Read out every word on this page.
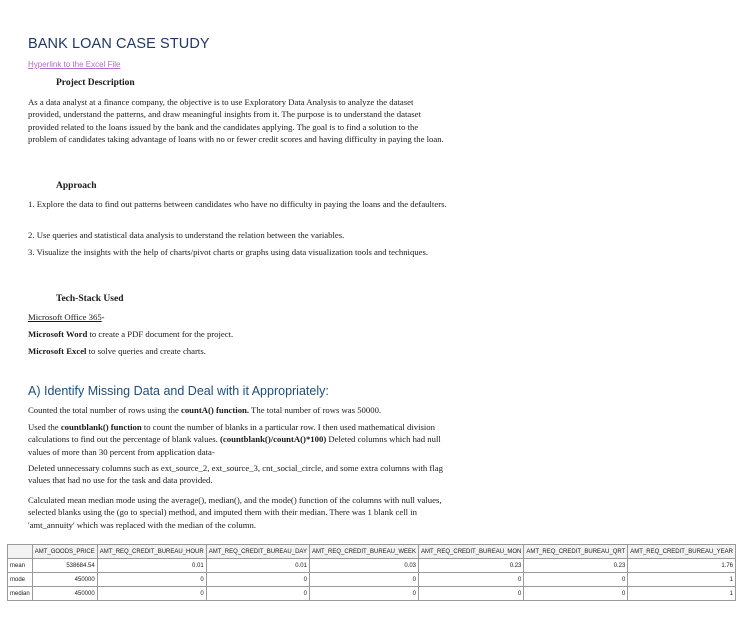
BANK LOAN CASE STUDY
Hyperlink to the Excel File
Project Description
As a data analyst at a finance company, the objective is to use Exploratory Data Analysis to analyze the dataset provided, understand the patterns, and draw meaningful insights from it. The purpose is to understand the dataset provided related to the loans issued by the bank and the candidates applying. The goal is to find a solution to the problem of candidates taking advantage of loans with no or fewer credit scores and having difficulty in paying the loan.
Approach
1. Explore the data to find out patterns between candidates who have no difficulty in paying the loans and the defaulters.
2. Use queries and statistical data analysis to understand the relation between the variables.
3. Visualize the insights with the help of charts/pivot charts or graphs using data visualization tools and techniques.
Tech-Stack Used
Microsoft Office 365-
Microsoft Word to create a PDF document for the project.
Microsoft Excel to solve queries and create charts.
A) Identify Missing Data and Deal with it Appropriately:
Counted the total number of rows using the countA() function. The total number of rows was 50000.
Used the countblank() function to count the number of blanks in a particular row. I then used mathematical division calculations to find out the percentage of blank values. (countblank()/countA()*100) Deleted columns which had null values of more than 30 percent from application data-
Deleted unnecessary columns such as ext_source_2, ext_source_3, cnt_social_circle, and some extra columns with flag values that had no use for the task and data provided.
Calculated mean median mode using the average(), median(), and the mode() function of the columns with null values, selected blanks using the (go to special) method, and imputed them with their median. There was 1 blank cell in 'amt_annuity' which was replaced with the median of the column.
	AMT_GOODS_PRICE	AMT_REQ_CREDIT_BUREAU_HOUR	AMT_REQ_CREDIT_BUREAU_DAY	AMT_REQ_CREDIT_BUREAU_WEEK	AMT_REQ_CREDIT_BUREAU_MON	AMT_REQ_CREDIT_BUREAU_QRT	AMT_REQ_CREDIT_BUREAU_YEAR
mean	538684.54	0.01	0.01	0.03	0.23	0.23	1.76
mode	450000	0	0	0	0	0	1
median	450000	0	0	0	0	0	1
